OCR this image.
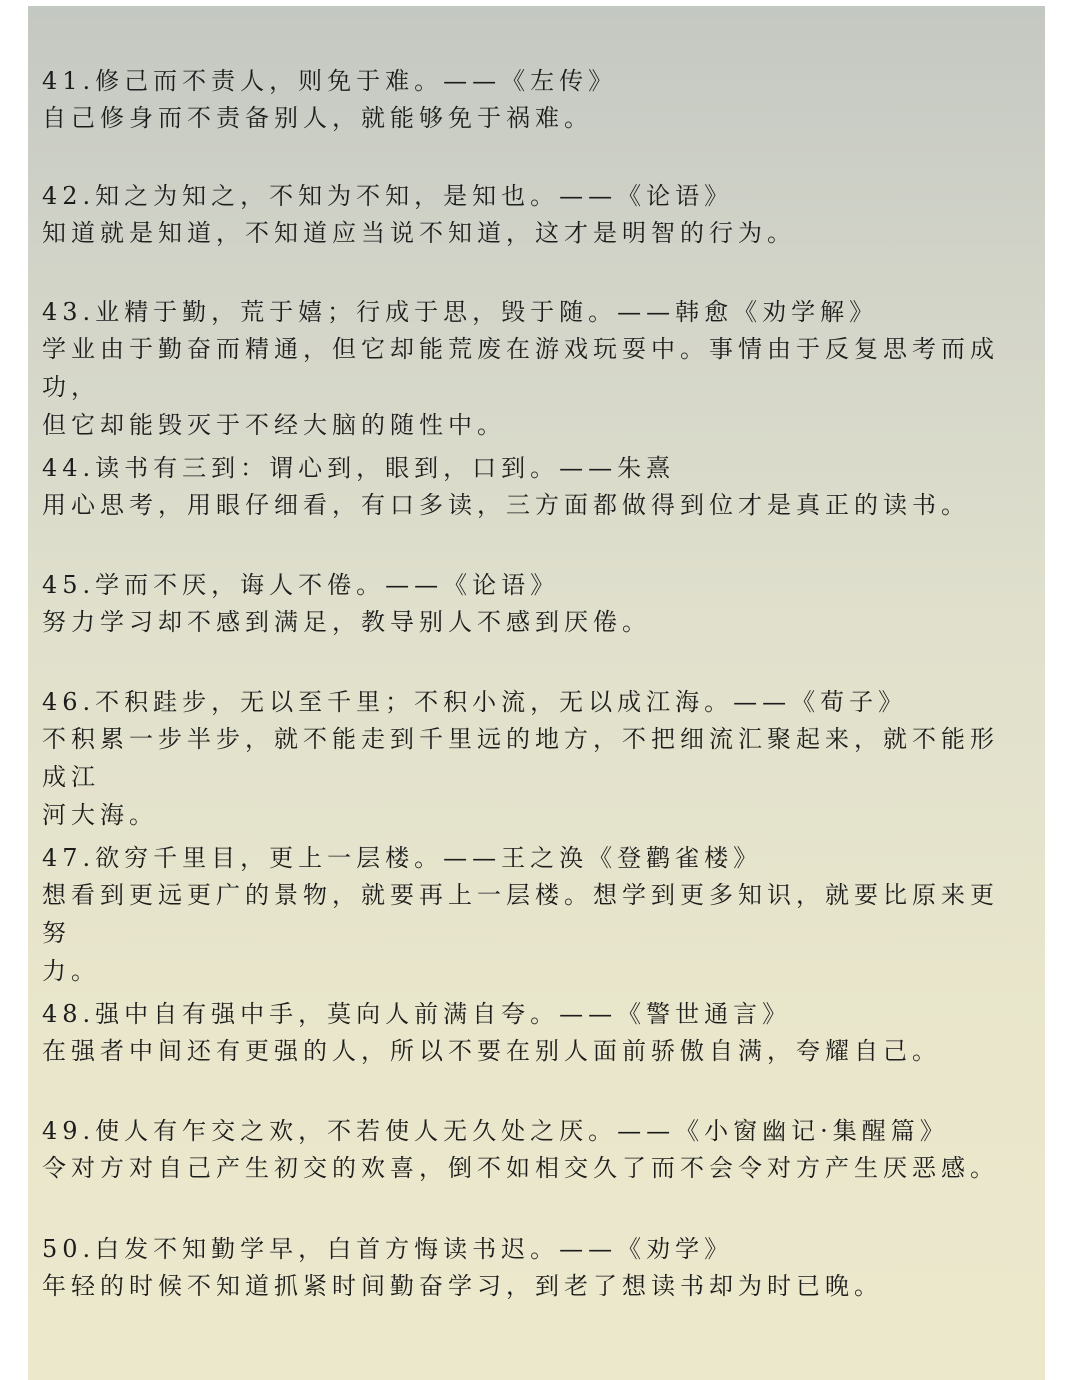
41.修己而不责人，则免于难。——《左传》
自己修身而不责备别人，就能够免于祸难。
42.知之为知之，不知为不知，是知也。——《论语》
知道就是知道，不知道应当说不知道，这才是明智的行为。
43.业精于勤，荒于嬉；行成于思，毁于随。——韩愈《劝学解》
学业由于勤奋而精通，但它却能荒废在游戏玩耍中。事情由于反复思考而成功，
但它却能毁灭于不经大脑的随性中。
44.读书有三到：谓心到，眼到，口到。——朱熹
用心思考，用眼仔细看，有口多读，三方面都做得到位才是真正的读书。
45.学而不厌，诲人不倦。——《论语》
努力学习却不感到满足，教导别人不感到厌倦。
46.不积跬步，无以至千里；不积小流，无以成江海。——《荀子》
不积累一步半步，就不能走到千里远的地方，不把细流汇聚起来，就不能形成江
河大海。
47.欲穷千里目，更上一层楼。——王之涣《登鹳雀楼》
想看到更远更广的景物，就要再上一层楼。想学到更多知识，就要比原来更努
力。
48.强中自有强中手，莫向人前满自夸。——《警世通言》
在强者中间还有更强的人，所以不要在别人面前骄傲自满，夸耀自己。
49.使人有乍交之欢，不若使人无久处之厌。——《小窗幽记·集醒篇》
令对方对自己产生初交的欢喜，倒不如相交久了而不会令对方产生厌恶感。
50.白发不知勤学早，白首方悔读书迟。——《劝学》
年轻的时候不知道抓紧时间勤奋学习，到老了想读书却为时已晚。
